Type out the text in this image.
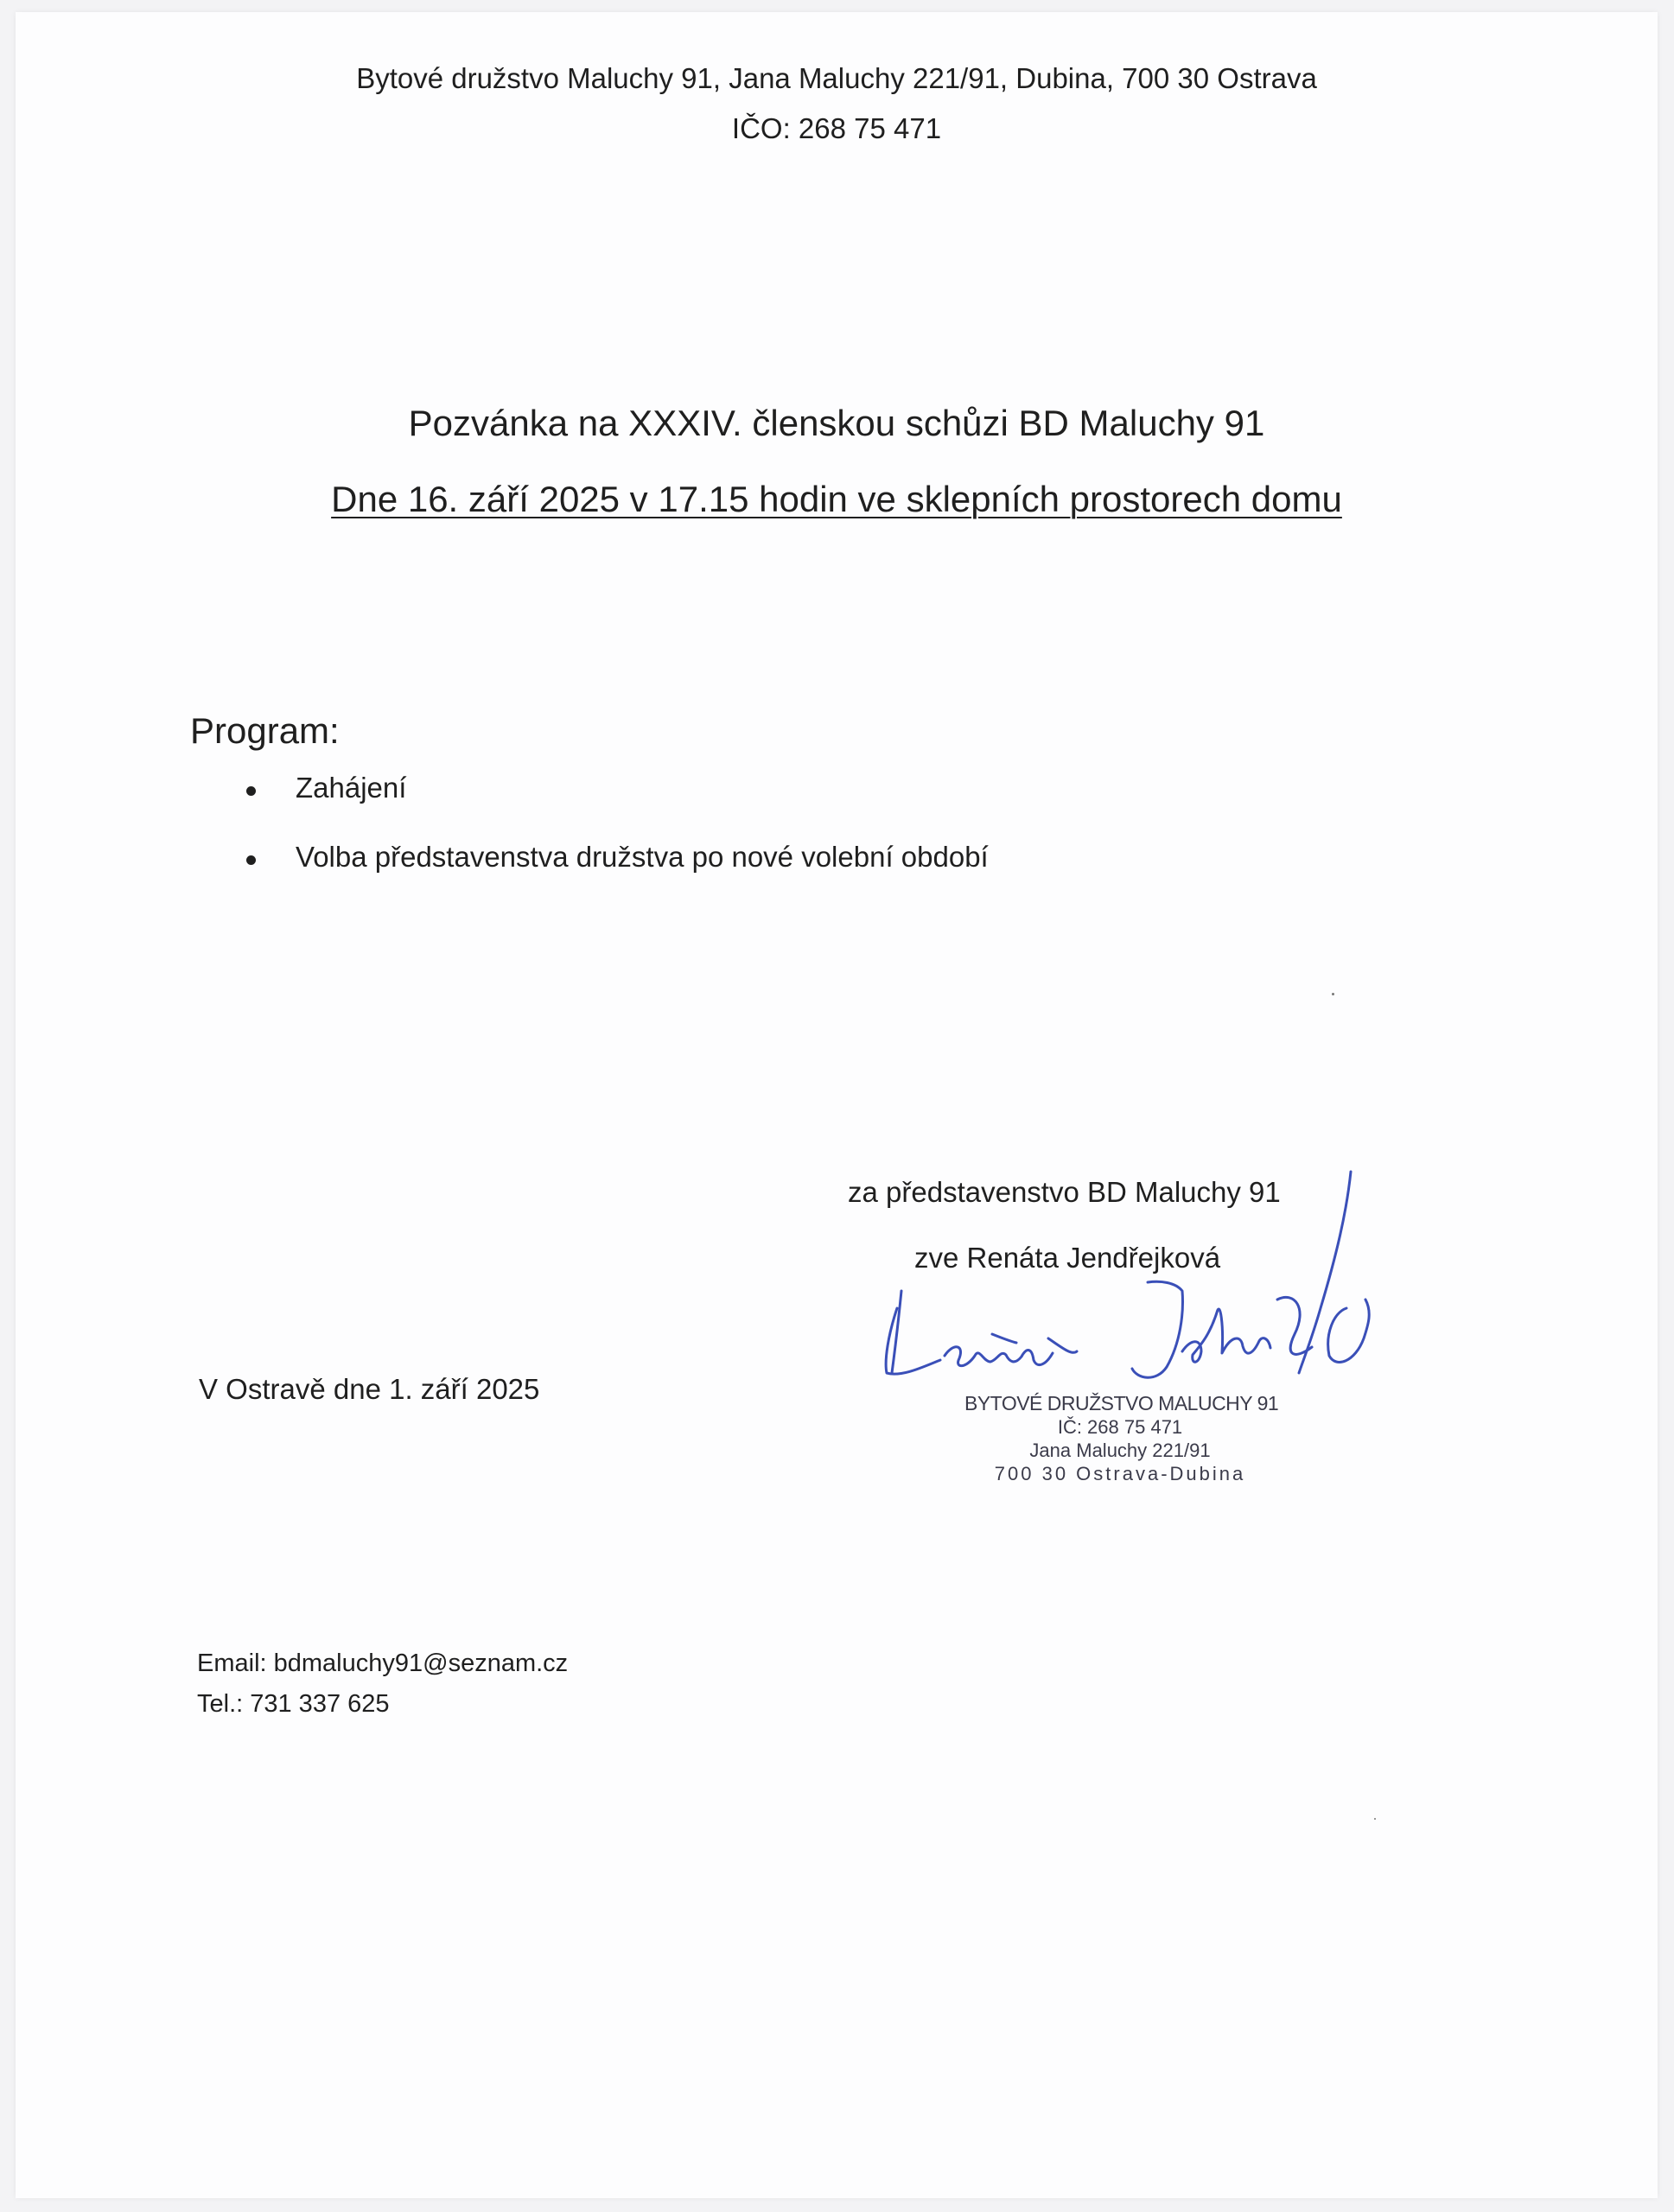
Bytové družstvo Maluchy 91, Jana Maluchy 221/91, Dubina, 700 30 Ostrava
IČO: 268 75 471
Pozvánka na XXXIV. členskou schůzi BD Maluchy 91
Dne 16. září 2025 v 17.15 hodin ve sklepních prostorech domu
Program:
Zahájení
Volba představenstva družstva po nové volební období
za představenstvo BD Maluchy 91
zve Renáta Jendřejková
V Ostravě dne 1. září 2025	BYTOVÉ DRUŽSTVO MALUCHY 91
IČ: 268 75 471
Jana Maluchy 221/91
700 30 Ostrava-Dubina
Email: bdmaluchy91@seznam.cz
Tel.: 731 337 625
